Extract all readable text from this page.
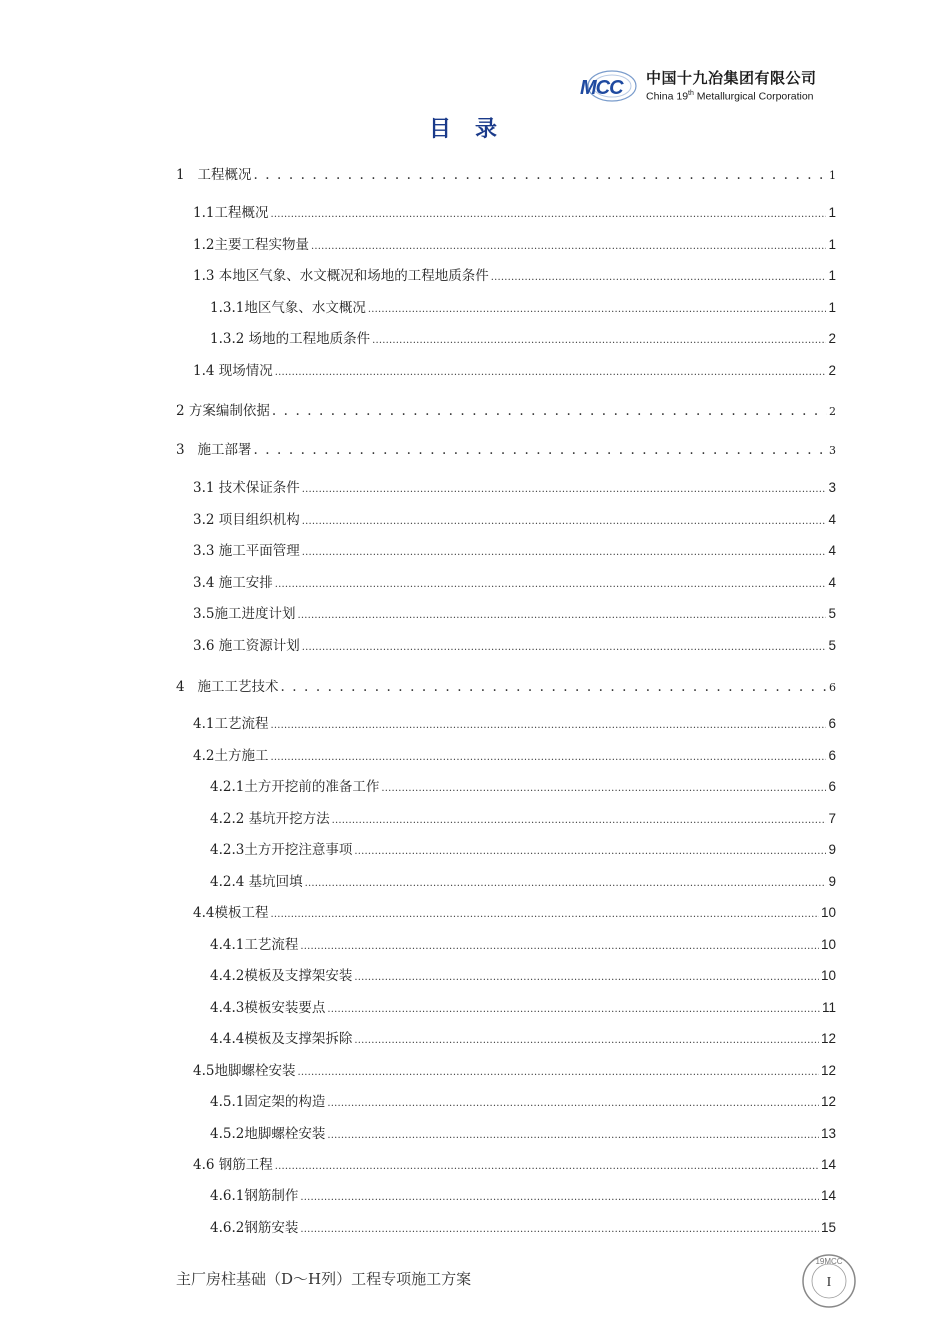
MCC 中国十九冶集团有限公司
China 19th Metallurgical Corporation
目录
1   工程概况 . . .	1
1.1工程概况 .....	1
1.2主要工程实物量 .....	1
1.3 本地区气象、水文概况和场地的工程地质条件 .....	1
1.3.1地区气象、水文概况 .....	1
1.3.2 场地的工程地质条件 .....	2
1.4 现场情况 .....	2
2 方案编制依据 . . .	2
3   施工部署 . . .	3
3.1 技术保证条件 .....	3
3.2 项目组织机构 .....	4
3.3 施工平面管理 .....	4
3.4 施工安排 .....	4
3.5施工进度计划 .....	5
3.6 施工资源计划 .....	5
4   施工工艺技术 . . .	6
4.1工艺流程 .....	6
4.2土方施工 .....	6
4.2.1土方开挖前的准备工作 .....	6
4.2.2 基坑开挖方法 .....	7
4.2.3土方开挖注意事项 .....	9
4.2.4 基坑回填 .....	9
4.4模板工程 .....	10
4.4.1工艺流程 .....	10
4.4.2模板及支撑架安装 .....	10
4.4.3模板安装要点 .....	11
4.4.4模板及支撑架拆除 .....	12
4.5地脚螺栓安装 .....	12
4.5.1固定架的构造 .....	12
4.5.2地脚螺栓安装 .....	13
4.6 钢筋工程 .....	14
4.6.1钢筋制作 .....	14
4.6.2钢筋安装 .....	15
主厂房柱基础（D～H列）工程专项施工方案
19MCC
I
